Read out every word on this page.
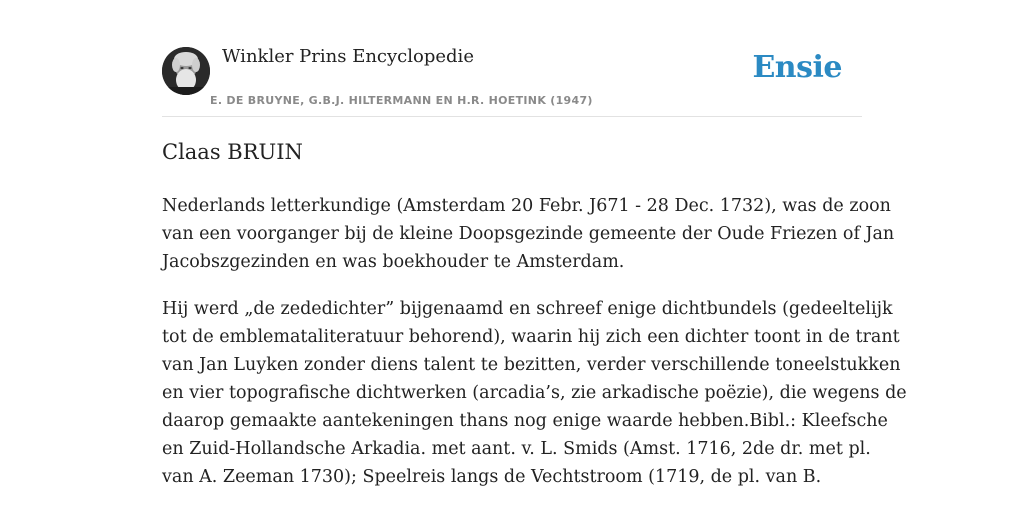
Winkler Prins Encyclopedie
E. DE BRUYNE, G.B.J. HILTERMANN EN H.R. HOETINK (1947)
Ensie
Claas BRUIN

Nederlands letterkundige (Amsterdam 20 Febr. J671 - 28 Dec. 1732), was de zoon
van een voorganger bij de kleine Doopsgezinde gemeente der Oude Friezen of Jan
Jacobszgezinden en was boekhouder te Amsterdam.

Hij werd „de zededichter” bijgenaamd en schreef enige dichtbundels (gedeeltelijk
tot de emblemataliteratuur behorend), waarin hij zich een dichter toont in de trant
van Jan Luyken zonder diens talent te bezitten, verder verschillende toneelstukken
en vier topografische dichtwerken (arcadia’s, zie arkadische poëzie), die wegens de
daarop gemaakte aantekeningen thans nog enige waarde hebben.Bibl.: Kleefsche
en Zuid-Hollandsche Arkadia. met aant. v. L. Smids (Amst. 1716, 2de dr. met pl.
van A. Zeeman 1730); Speelreis langs de Vechtstroom (1719, de pl. van B.
